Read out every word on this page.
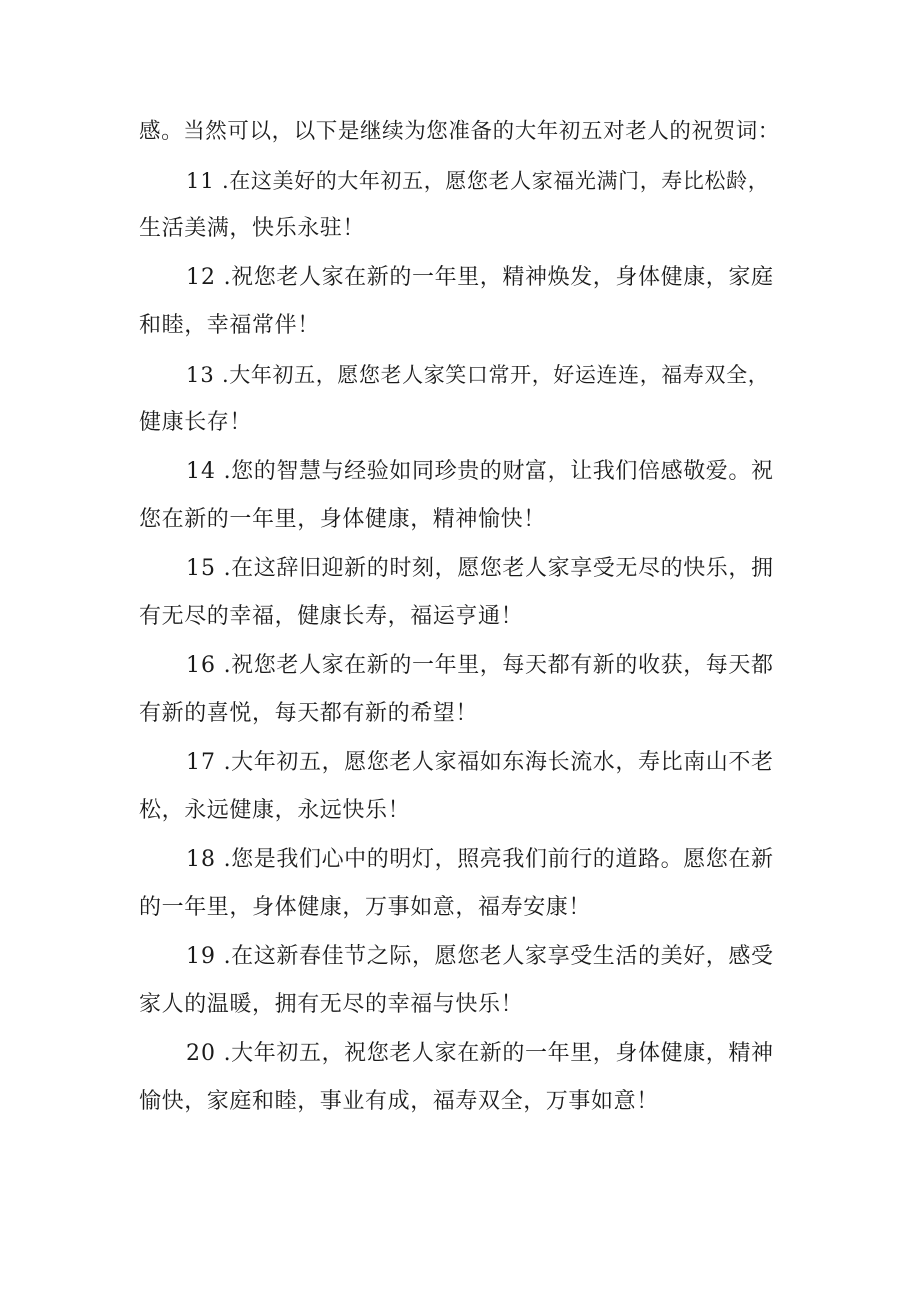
感。当然可以，以下是继续为您准备的大年初五对老人的祝贺词：

11 .在这美好的大年初五，愿您老人家福光满门，寿比松龄，
生活美满，快乐永驻！

12 .祝您老人家在新的一年里，精神焕发，身体健康，家庭
和睦，幸福常伴！

13 .大年初五，愿您老人家笑口常开，好运连连，福寿双全，
健康长存！

14 .您的智慧与经验如同珍贵的财富，让我们倍感敬爱。祝
您在新的一年里，身体健康，精神愉快！

15 .在这辞旧迎新的时刻，愿您老人家享受无尽的快乐，拥
有无尽的幸福，健康长寿，福运亨通！

16 .祝您老人家在新的一年里，每天都有新的收获，每天都
有新的喜悦，每天都有新的希望！

17 .大年初五，愿您老人家福如东海长流水，寿比南山不老
松，永远健康，永远快乐！

18 .您是我们心中的明灯，照亮我们前行的道路。愿您在新
的一年里，身体健康，万事如意，福寿安康！

19 .在这新春佳节之际，愿您老人家享受生活的美好，感受
家人的温暖，拥有无尽的幸福与快乐！

20 .大年初五，祝您老人家在新的一年里，身体健康，精神
愉快，家庭和睦，事业有成，福寿双全，万事如意！
